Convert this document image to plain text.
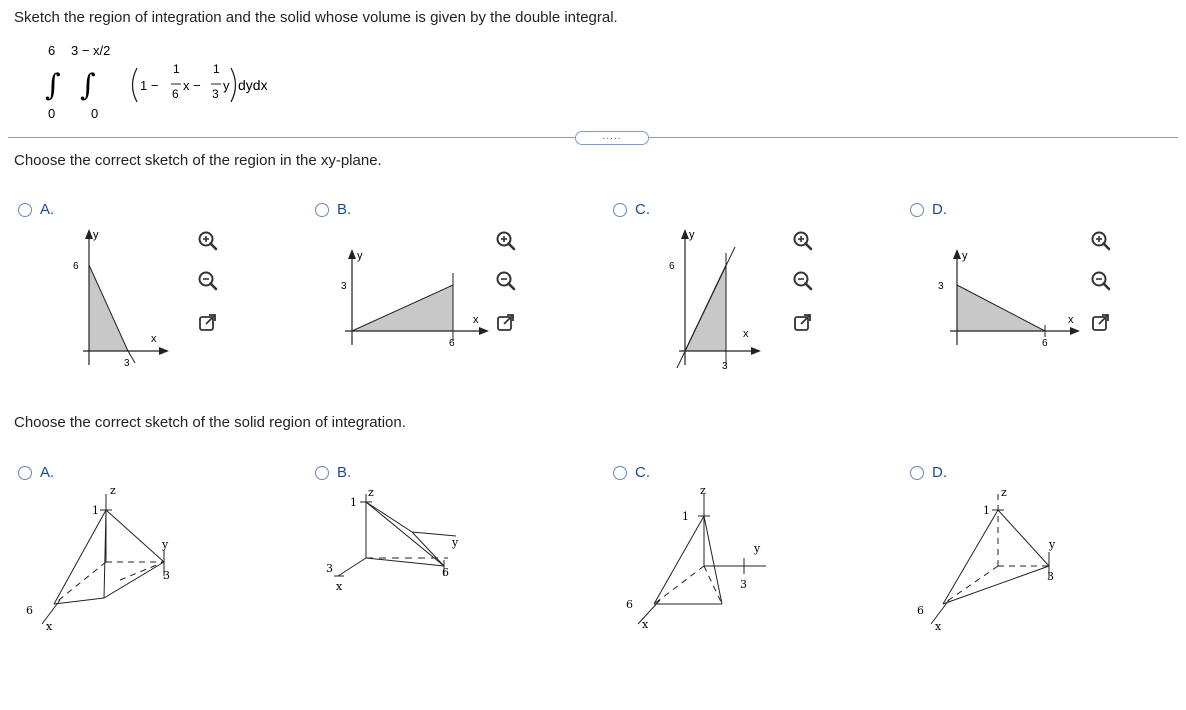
Sketch the region of integration and the solid whose volume is given by the double integral.
6 3 − x/2
∫ ∫
0	0
1 −
1
6
x −
1
3
y dydx
.....
Choose the correct sketch of the region in the xy-plane.
A.	B.	C.	D.
y
x
6
3
y
x
3
6
y
x
6
3
y
x
3
6
Choose the correct sketch of the solid region of integration.
A.	B.	C.	D.
z
1
y
3
6
x
z
1
y
6
3
x
z
1
y
3
6
x
z
1
y
3
6
x
